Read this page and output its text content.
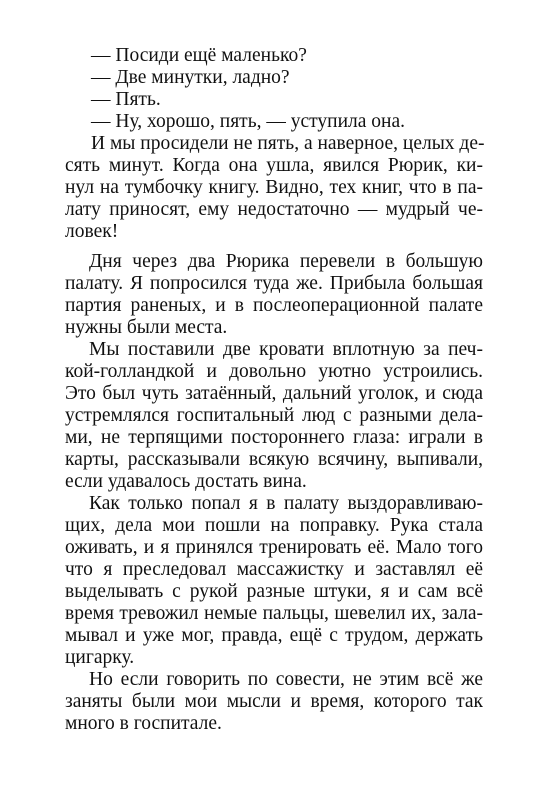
— Посиди ещё маленько?
— Две минутки, ладно?
— Пять.
— Ну, хорошо, пять, — уступила она.
И мы просидели не пять, а наверное, целых де-
сять минут. Когда она ушла, явился Рюрик, ки-
нул на тумбочку книгу. Видно, тех книг, что в па-
лату приносят, ему недостаточно — мудрый че-
ловек!
Дня через два Рюрика перевели в большую
палату. Я попросился туда же. Прибыла большая
партия раненых, и в послеоперационной палате
нужны были места.
Мы поставили две кровати вплотную за печ-
кой-голландкой и довольно уютно устроились.
Это был чуть затаённый, дальний уголок, и сюда
устремлялся госпитальный люд с разными дела-
ми, не терпящими постороннего глаза: играли в
карты, рассказывали всякую всячину, выпивали,
если удавалось достать вина.
Как только попал я в палату выздоравливаю-
щих, дела мои пошли на поправку. Рука стала
оживать, и я принялся тренировать её. Мало того
что я преследовал массажистку и заставлял её
выделывать с рукой разные штуки, я и сам всё
время тревожил немые пальцы, шевелил их, зала-
мывал и уже мог, правда, ещё с трудом, держать
цигарку.
Но если говорить по совести, не этим всё же
заняты были мои мысли и время, которого так
много в госпитале.
